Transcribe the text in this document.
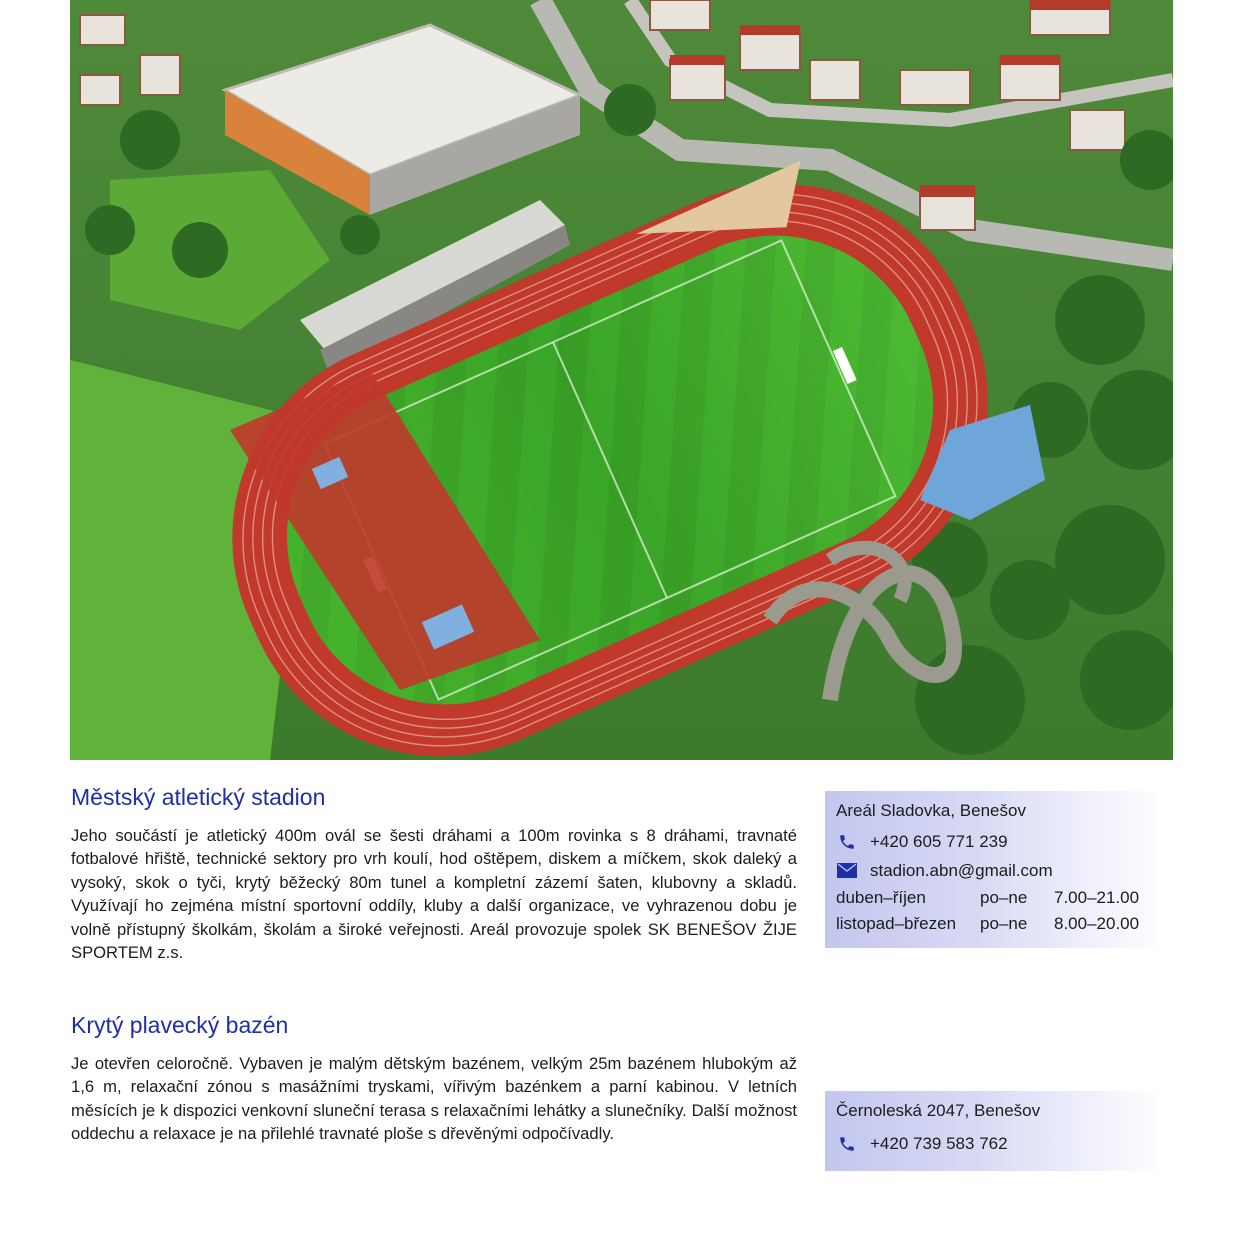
Městský atletický stadion

Jeho součástí je atletický 400m ovál se šesti dráhami a 100m rovinka s 8 dráhami, travnaté fotbalové hřiště, technické sektory pro vrh koulí, hod oštěpem, diskem a míčkem, skok daleký a vysoký, skok o tyči, krytý běžecký 80m tunel a kompletní zázemí šaten, klubovny a skladů. Využívají ho zejména místní sportovní oddíly, kluby a další organizace, ve vyhrazenou dobu je volně přístupný školkám, školám a široké veřejnosti. Areál provozuje spolek SK BENEŠOV ŽIJE SPORTEM z.s.

Areál Sladovka, Benešov
+420 605 771 239
stadion.abn@gmail.com
duben–říjen	po–ne	7.00–21.00
listopad–březen	po–ne	8.00–20.00
Krytý plavecký bazén

Je otevřen celoročně. Vybaven je malým dětským bazénem, velkým 25m bazénem hlubokým až 1,6 m, relaxační zónou s masážními tryskami, vířivým bazénkem a parní kabinou. V letních měsících je k dispozici venkovní sluneční terasa s relaxačními lehátky a slunečníky. Další možnost oddechu a relaxace je na přilehlé travnaté ploše s dřevěnými odpočívadly.

Černoleská 2047, Benešov
+420 739 583 762
